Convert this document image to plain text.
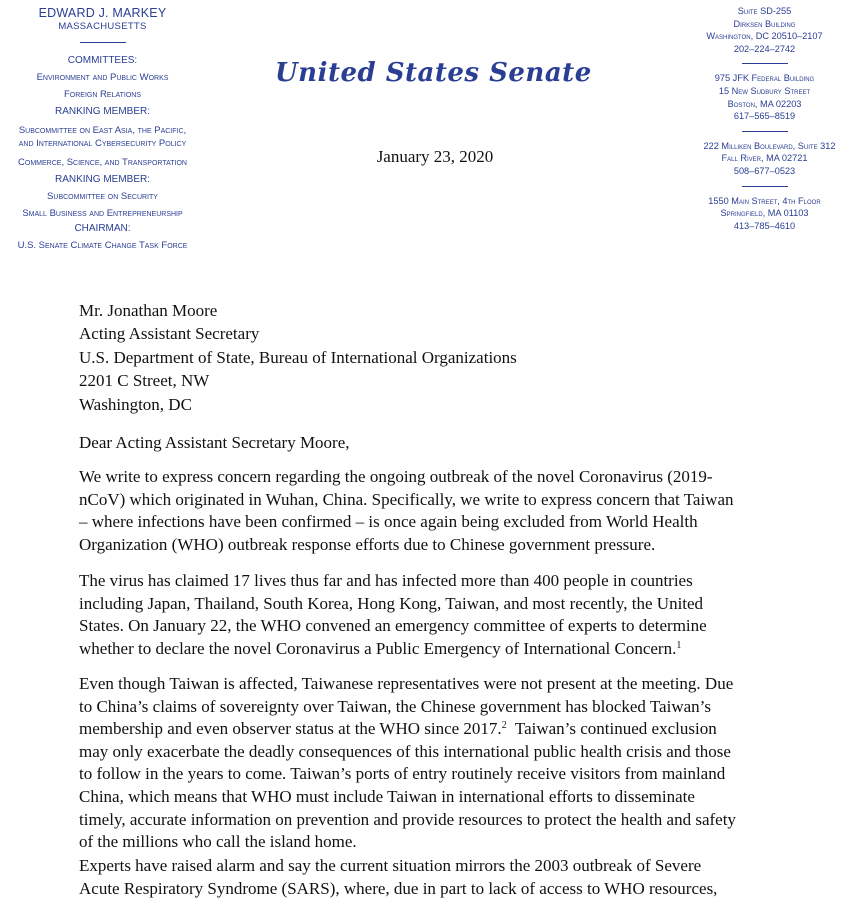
EDWARD J. MARKEY
MASSACHUSETTS
COMMITTEES:
Environment and Public Works
Foreign Relations
RANKING MEMBER:
Subcommittee on East Asia, the Pacific,
and International Cybersecurity Policy
Commerce, Science, and Transportation
RANKING MEMBER:
Subcommittee on Security
Small Business and Entrepreneurship
CHAIRMAN:
U.S. Senate Climate Change Task Force
United States Senate
January 23, 2020
Suite SD-255
Dirksen Building
Washington, DC 20510–2107
202–224–2742
975 JFK Federal Building
15 New Sudbury Street
Boston, MA 02203
617–565–8519
222 Milliken Boulevard, Suite 312
Fall River, MA 02721
508–677–0523
1550 Main Street, 4th Floor
Springfield, MA 01103
413–785–4610
Mr. Jonathan Moore
Acting Assistant Secretary
U.S. Department of State, Bureau of International Organizations
2201 C Street, NW
Washington, DC
Dear Acting Assistant Secretary Moore,
We write to express concern regarding the ongoing outbreak of the novel Coronavirus (2019-
nCoV) which originated in Wuhan, China. Specifically, we write to express concern that Taiwan
– where infections have been confirmed – is once again being excluded from World Health
Organization (WHO) outbreak response efforts due to Chinese government pressure.
The virus has claimed 17 lives thus far and has infected more than 400 people in countries
including Japan, Thailand, South Korea, Hong Kong, Taiwan, and most recently, the United
States. On January 22, the WHO convened an emergency committee of experts to determine
whether to declare the novel Coronavirus a Public Emergency of International Concern.$^1$
Even though Taiwan is affected, Taiwanese representatives were not present at the meeting. Due
to China’s claims of sovereignty over Taiwan, the Chinese government has blocked Taiwan’s
membership and even observer status at the WHO since 2017.$^2$  Taiwan’s continued exclusion
may only exacerbate the deadly consequences of this international public health crisis and those
to follow in the years to come. Taiwan’s ports of entry routinely receive visitors from mainland
China, which means that WHO must include Taiwan in international efforts to disseminate
timely, accurate information on prevention and provide resources to protect the health and safety
of the millions who call the island home.
Experts have raised alarm and say the current situation mirrors the 2003 outbreak of Severe
Acute Respiratory Syndrome (SARS), where, due in part to lack of access to WHO resources,
